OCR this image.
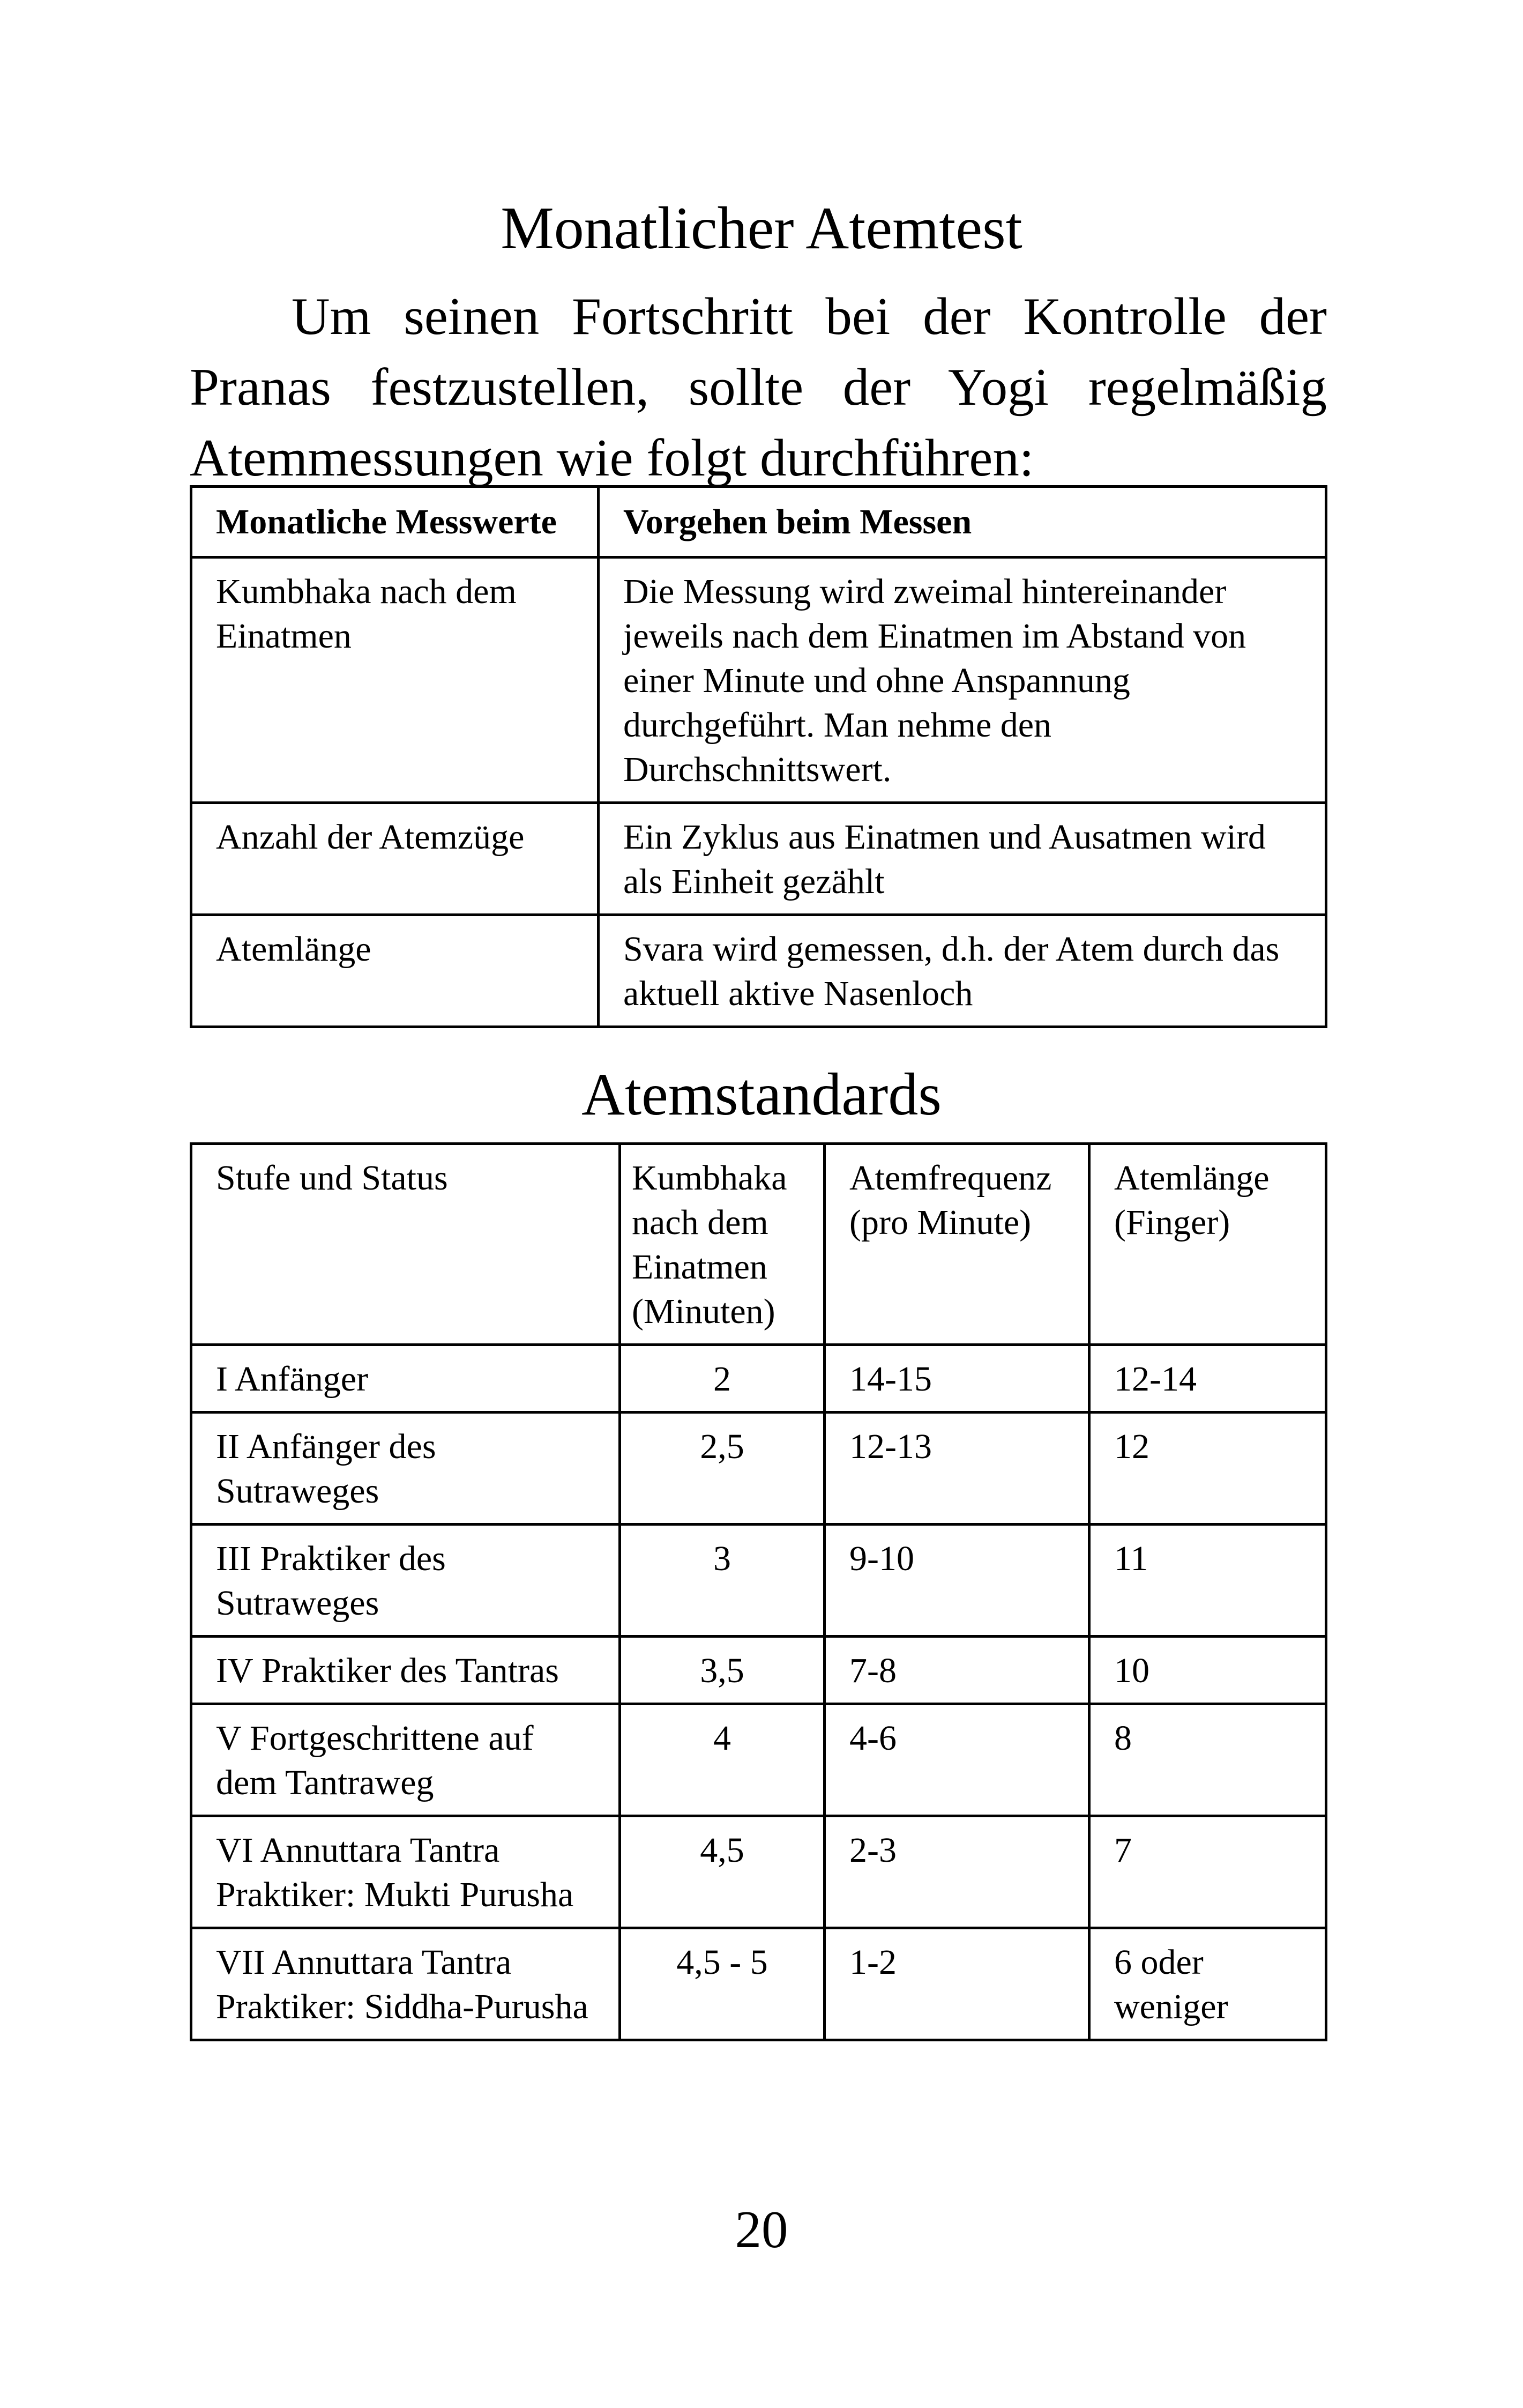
Monatlicher Atemtest

Um seinen Fortschritt bei der Kontrolle der Pranas festzustellen, sollte der Yogi regelmäßig Atemmessungen wie folgt durchführen:

Monatliche Messwerte	Vorgehen beim Messen
Kumbhaka nach dem Einatmen	Die Messung wird zweimal hintereinander jeweils nach dem Einatmen im Abstand von einer Minute und ohne Anspannung durchgeführt. Man nehme den Durchschnittswert.
Anzahl der Atemzüge	Ein Zyklus aus Einatmen und Ausatmen wird als Einheit gezählt
Atemlänge	Svara wird gemessen, d.h. der Atem durch das aktuell aktive Nasenloch
Atemstandards
Stufe und Status	Kumbhaka nach dem Einatmen (Minuten)	Atemfrequenz (pro Minute)	Atemlänge (Finger)
I Anfänger	2	14-15	12-14
II Anfänger des Sutraweges	2,5	12-13	12
III Praktiker des Sutraweges	3	9-10	11
IV Praktiker des Tantras	3,5	7-8	10
V Fortgeschrittene auf dem Tantraweg	4	4-6	8
VI Annuttara Tantra Praktiker: Mukti Purusha	4,5	2-3	7
VII Annuttara Tantra Praktiker: Siddha-Purusha	4,5 - 5	1-2	6 oder weniger
20
